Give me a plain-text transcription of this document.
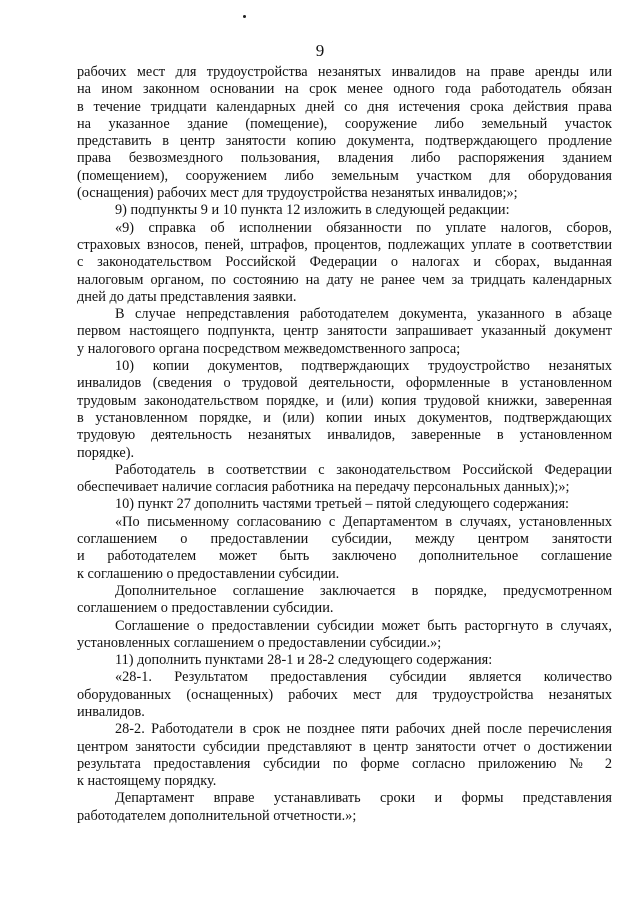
9
рабочих мест для трудоустройства незанятых инвалидов на праве аренды или
на ином законном основании на срок менее одного года работодатель обязан
в течение тридцати календарных дней со дня истечения срока действия права
на указанное здание (помещение), сооружение либо земельный участок
представить в центр занятости копию документа, подтверждающего продление
права безвозмездного пользования, владения либо распоряжения зданием
(помещением), сооружением либо земельным участком для оборудования
(оснащения) рабочих мест для трудоустройства незанятых инвалидов;»;
9) подпункты 9 и 10 пункта 12 изложить в следующей редакции:
«9) справка об исполнении обязанности по уплате налогов, сборов,
страховых взносов, пеней, штрафов, процентов, подлежащих уплате в соответствии
с законодательством Российской Федерации о налогах и сборах, выданная
налоговым органом, по состоянию на дату не ранее чем за тридцать календарных
дней до даты представления заявки.
В случае непредставления работодателем документа, указанного в абзаце
первом настоящего подпункта, центр занятости запрашивает указанный документ
у налогового органа посредством межведомственного запроса;
10) копии документов, подтверждающих трудоустройство незанятых
инвалидов (сведения о трудовой деятельности, оформленные в установленном
трудовым законодательством порядке, и (или) копия трудовой книжки, заверенная
в установленном порядке, и (или) копии иных документов, подтверждающих
трудовую деятельность незанятых инвалидов, заверенные в установленном
порядке).
Работодатель в соответствии с законодательством Российской Федерации
обеспечивает наличие согласия работника на передачу персональных данных);»;
10) пункт 27 дополнить частями третьей – пятой следующего содержания:
«По письменному согласованию с Департаментом в случаях, установленных
соглашением о предоставлении субсидии, между центром занятости
и работодателем может быть заключено дополнительное соглашение
к соглашению о предоставлении субсидии.
Дополнительное соглашение заключается в порядке, предусмотренном
соглашением о предоставлении субсидии.
Соглашение о предоставлении субсидии может быть расторгнуто в случаях,
установленных соглашением о предоставлении субсидии.»;
11) дополнить пунктами 28-1 и 28-2 следующего содержания:
«28-1. Результатом предоставления субсидии является количество
оборудованных (оснащенных) рабочих мест для трудоустройства незанятых
инвалидов.
28-2. Работодатели в срок не позднее пяти рабочих дней после перечисления
центром занятости субсидии представляют в центр занятости отчет о достижении
результата предоставления субсидии по форме согласно приложению № 2
к настоящему порядку.
Департамент вправе устанавливать сроки и формы представления
работодателем дополнительной отчетности.»;
